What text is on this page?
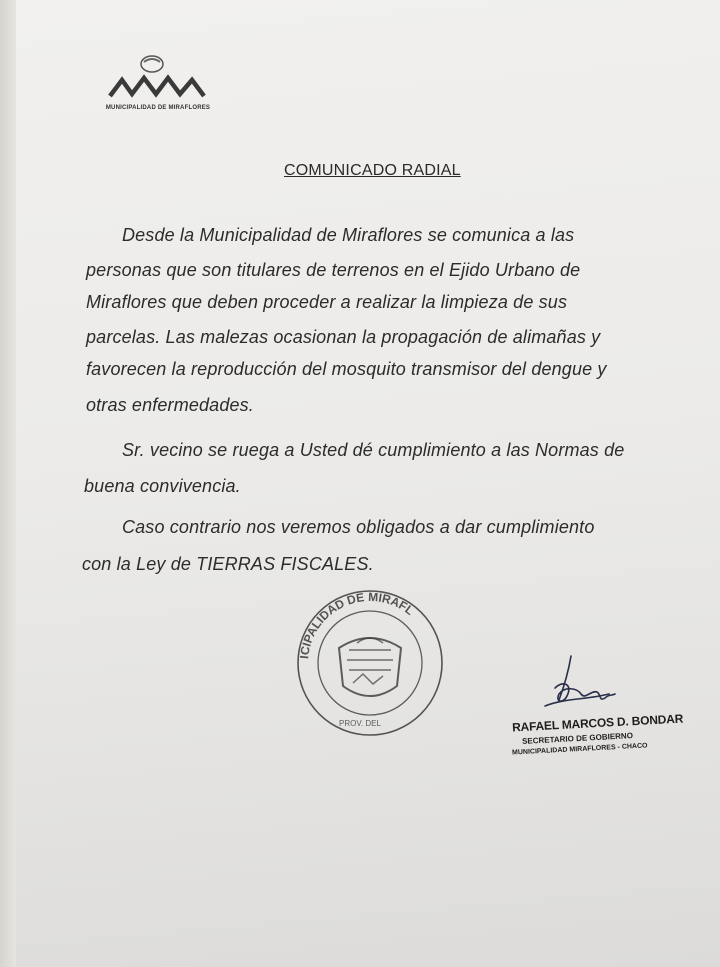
MUNICIPALIDAD DE MIRAFLORES
COMUNICADO RADIAL
Desde la Municipalidad de Miraflores se comunica a las
personas que son titulares de terrenos en el Ejido Urbano de
Miraflores que deben proceder a realizar la limpieza de sus
parcelas. Las malezas ocasionan la propagación de alimañas y
favorecen la reproducción del mosquito transmisor del dengue y
otras enfermedades.
Sr. vecino se ruega a Usted dé cumplimiento a las Normas de
buena convivencia.
Caso contrario nos veremos obligados a dar cumplimiento
con la Ley de TIERRAS FISCALES.
ICIPALIDAD DE MIRAFL
PROV. DEL	RAFAEL MARCOS D. BONDAR
SECRETARIO DE GOBIERNO
MUNICIPALIDAD MIRAFLORES - CHACO
